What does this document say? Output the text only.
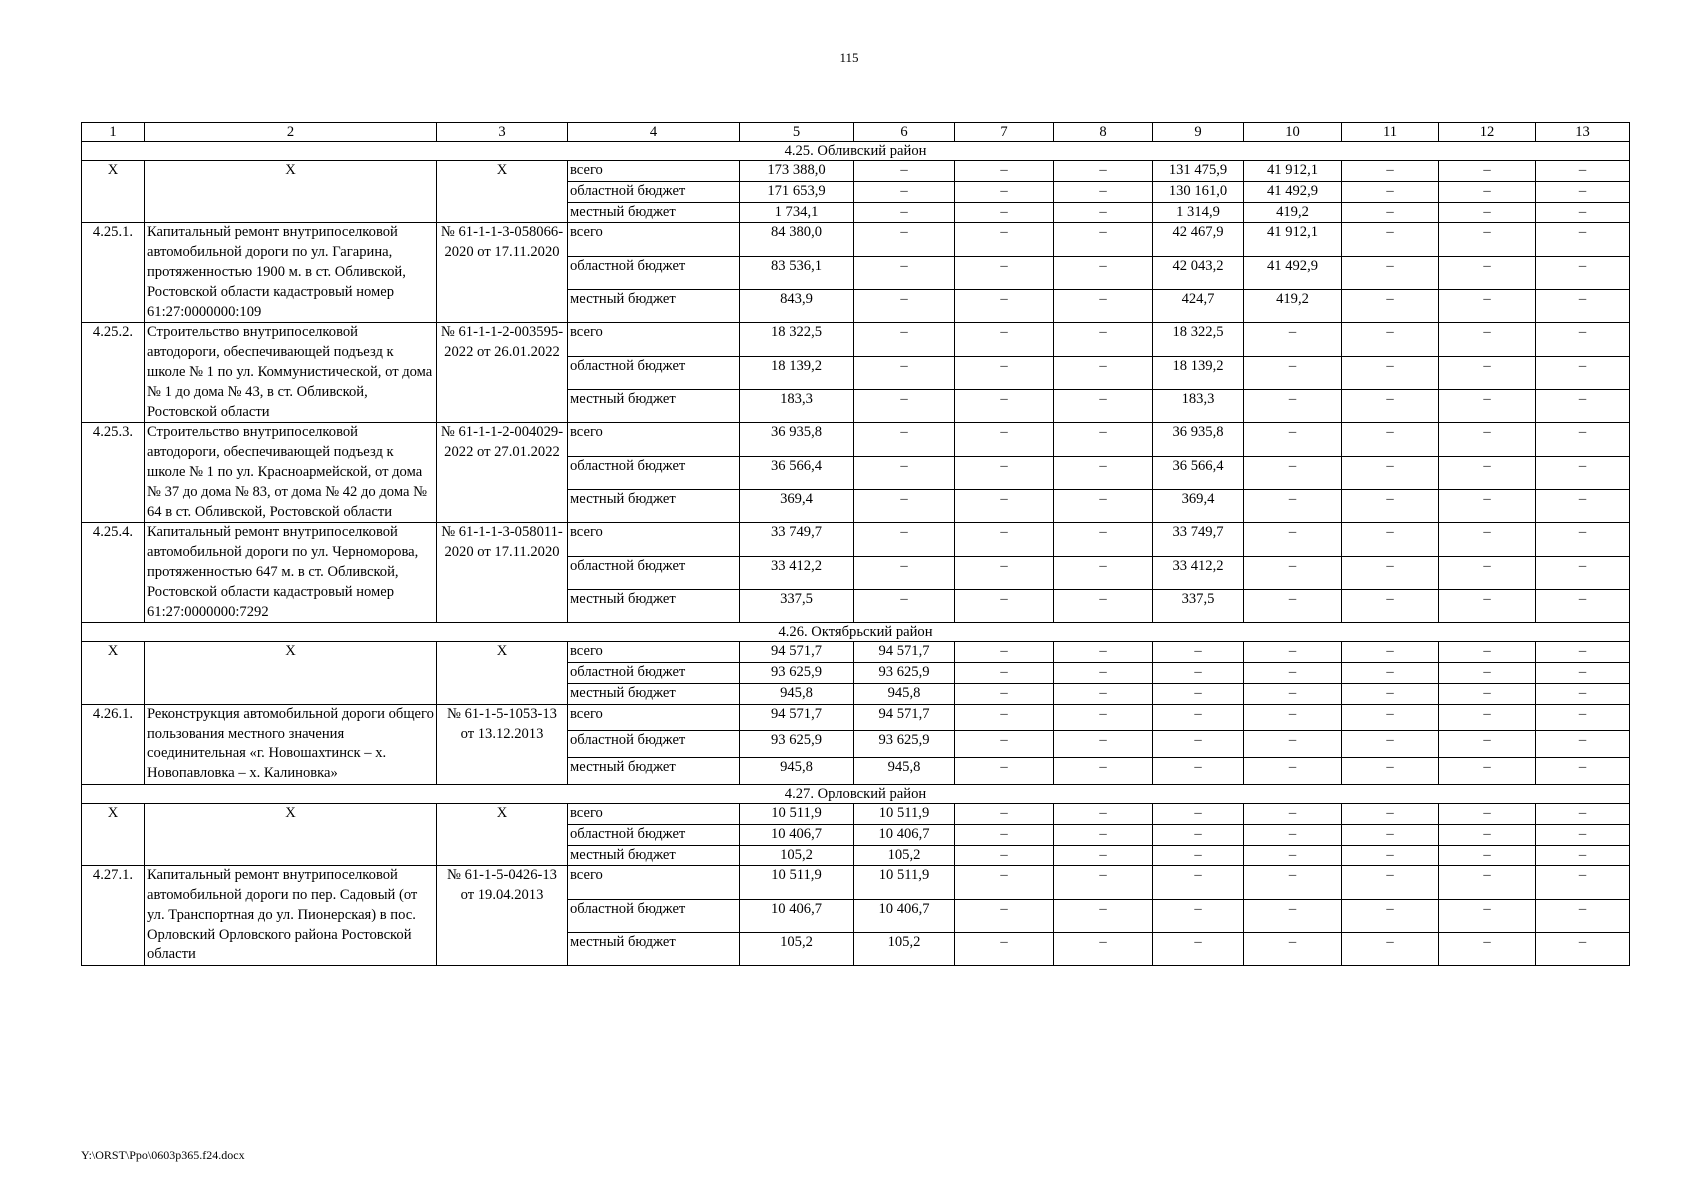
115
1	2	3	4	5	6	7	8	9	10	11	12	13
4.25. Обливский район												
Х	Х	Х	всего	173 388,0	–	–	–	131 475,9	41 912,1	–	–	–
			областной бюджет	171 653,9	–	–	–	130 161,0	41 492,9	–	–	–
			местный бюджет	1 734,1	–	–	–	1 314,9	419,2	–	–	–
4.25.1.	Капитальный ремонт внутрипоселковой автомобильной дороги по ул. Гагарина, протяженностью 1900 м. в ст. Обливской, Ростовской области кадастровый номер 61:27:0000000:109	№ 61-1-1-3-058066-2020 от 17.11.2020	всего	84 380,0	–	–	–	42 467,9	41 912,1	–	–	–
			областной бюджет	83 536,1	–	–	–	42 043,2	41 492,9	–	–	–
			местный бюджет	843,9	–	–	–	424,7	419,2	–	–	–
4.25.2.	Строительство внутрипоселковой автодороги, обеспечивающей подъезд к школе № 1 по ул. Коммунистической, от дома № 1 до дома № 43, в ст. Обливской, Ростовской области	№ 61-1-1-2-003595-2022 от 26.01.2022	всего	18 322,5	–	–	–	18 322,5	–	–	–	–
			областной бюджет	18 139,2	–	–	–	18 139,2	–	–	–	–
			местный бюджет	183,3	–	–	–	183,3	–	–	–	–
4.25.3.	Строительство внутрипоселковой автодороги, обеспечивающей подъезд к школе № 1 по ул. Красноармейской, от дома № 37 до дома № 83, от дома № 42 до дома № 64 в ст. Обливской, Ростовской области	№ 61-1-1-2-004029-2022 от 27.01.2022	всего	36 935,8	–	–	–	36 935,8	–	–	–	–
			областной бюджет	36 566,4	–	–	–	36 566,4	–	–	–	–
			местный бюджет	369,4	–	–	–	369,4	–	–	–	–
4.25.4.	Капитальный ремонт внутрипоселковой автомобильной дороги по ул. Черноморова, протяженностью 647 м. в ст. Обливской, Ростовской области кадастровый номер 61:27:0000000:7292	№ 61-1-1-3-058011-2020 от 17.11.2020	всего	33 749,7	–	–	–	33 749,7	–	–	–	–
			областной бюджет	33 412,2	–	–	–	33 412,2	–	–	–	–
			местный бюджет	337,5	–	–	–	337,5	–	–	–	–
4.26. Октябрьский район												
Х	Х	Х	всего	94 571,7	94 571,7	–	–	–	–	–	–	–
			областной бюджет	93 625,9	93 625,9	–	–	–	–	–	–	–
			местный бюджет	945,8	945,8	–	–	–	–	–	–	–
4.26.1.	Реконструкция автомобильной дороги общего пользования местного значения соединительная «г. Новошахтинск – х. Новопавловка – х. Калиновка»	№ 61-1-5-1053-13 от 13.12.2013	всего	94 571,7	94 571,7	–	–	–	–	–	–	–
			областной бюджет	93 625,9	93 625,9	–	–	–	–	–	–	–
			местный бюджет	945,8	945,8	–	–	–	–	–	–	–
4.27. Орловский район												
Х	Х	Х	всего	10 511,9	10 511,9	–	–	–	–	–	–	–
			областной бюджет	10 406,7	10 406,7	–	–	–	–	–	–	–
			местный бюджет	105,2	105,2	–	–	–	–	–	–	–
4.27.1.	Капитальный ремонт внутрипоселковой автомобильной дороги по пер. Садовый (от ул. Транспортная до ул. Пионерская) в пос. Орловский Орловского района Ростовской области	№ 61-1-5-0426-13 от 19.04.2013	всего	10 511,9	10 511,9	–	–	–	–	–	–	–
			областной бюджет	10 406,7	10 406,7	–	–	–	–	–	–	–
			местный бюджет	105,2	105,2	–	–	–	–	–	–	–
Y:\ORST\Ppo\0603p365.f24.docx
